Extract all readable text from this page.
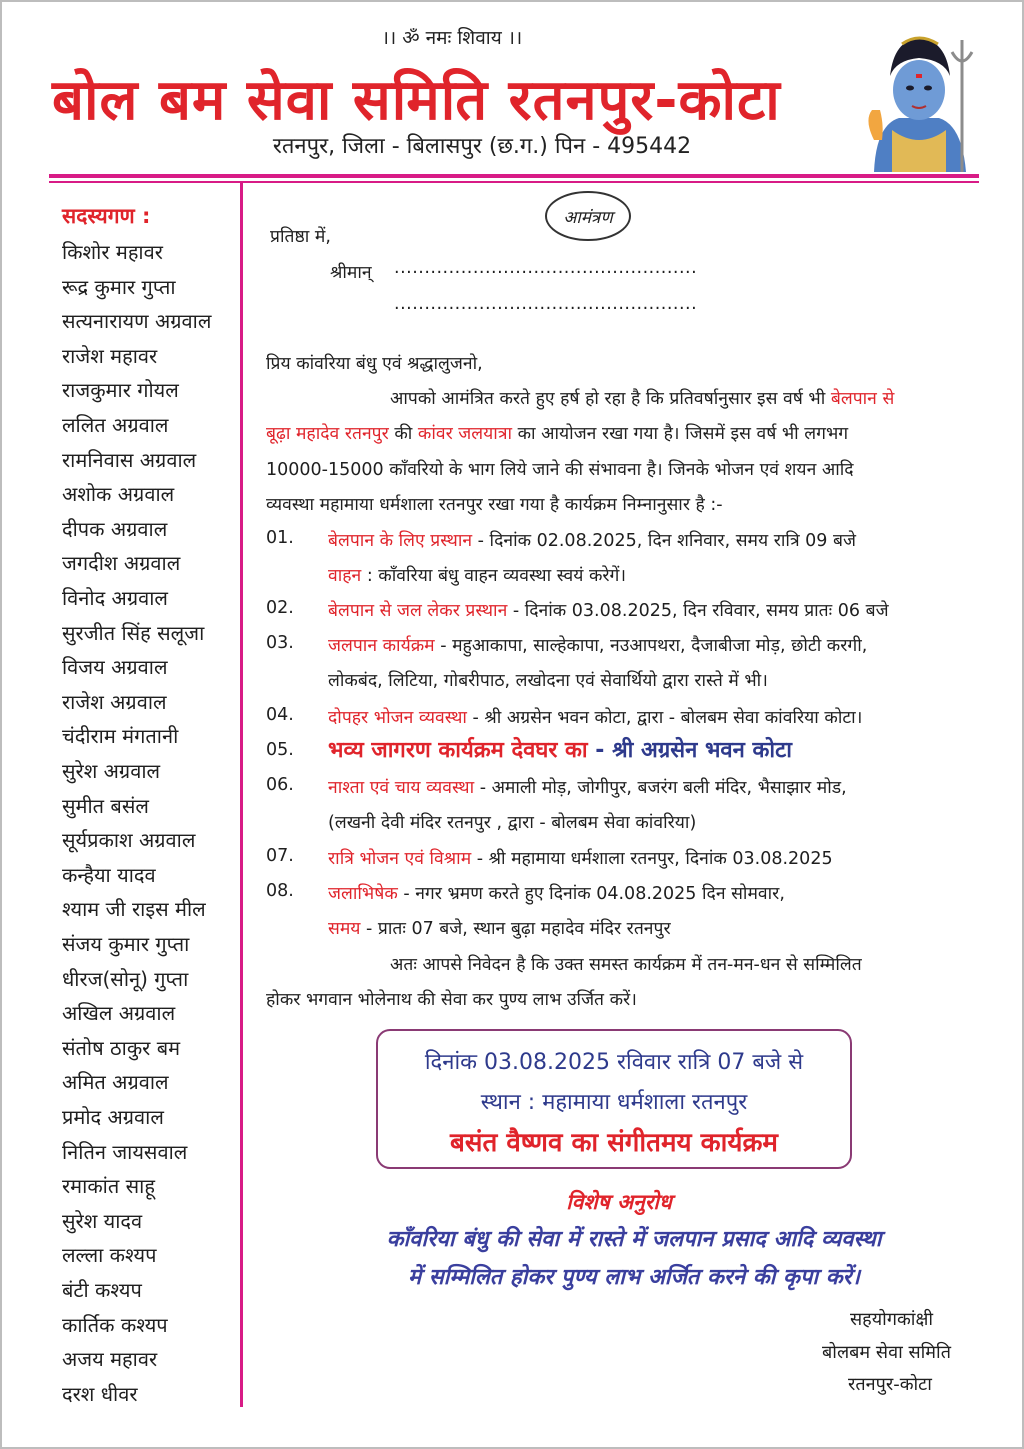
।। ॐ नमः शिवाय ।।
बोल बम सेवा समिति रतनपुर-कोटा
रतनपुर, जिला - बिलासपुर (छ.ग.) पिन - 495442
सदस्यगण :
किशोर महावर
रूद्र कुमार गुप्ता
सत्यनारायण अग्रवाल
राजेश महावर
राजकुमार गोयल
ललित अग्रवाल
रामनिवास अग्रवाल
अशोक अग्रवाल
दीपक अग्रवाल
जगदीश अग्रवाल
विनोद अग्रवाल
सुरजीत सिंह सलूजा
विजय अग्रवाल
राजेश अग्रवाल
चंदीराम मंगतानी
सुरेश अग्रवाल
सुमीत बसंल
सूर्यप्रकाश अग्रवाल
कन्हैया यादव
श्याम जी राइस मील
संजय कुमार गुप्ता
धीरज(सोनू) गुप्ता
अखिल अग्रवाल
संतोष ठाकुर बम
अमित अग्रवाल
प्रमोद अग्रवाल
नितिन जायसवाल
रमाकांत साहू
सुरेश यादव
लल्ला कश्यप
बंटी कश्यप
कार्तिक कश्यप
अजय महावर
दरश धीवर
आमंत्रण
प्रतिष्ठा में,
श्रीमान् ..................................................
..................................................
प्रिय कांवरिया बंधु एवं श्रद्धालुजनो,
आपको आमंत्रित करते हुए हर्ष हो रहा है कि प्रतिवर्षानुसार इस वर्ष भी बेलपान से
बूढ़ा महादेव रतनपुर की कांवर जलयात्रा का आयोजन रखा गया है। जिसमें इस वर्ष भी लगभग
10000-15000 काँवरियो के भाग लिये जाने की संभावना है। जिनके भोजन एवं शयन आदि
व्यवस्था महामाया धर्मशाला रतनपुर रखा गया है कार्यक्रम निम्नानुसार है :-
01. बेलपान के लिए प्रस्थान - दिनांक 02.08.2025, दिन शनिवार, समय रात्रि 09 बजे
वाहन : काँवरिया बंधु वाहन व्यवस्था स्वयं करेगें।
02. बेलपान से जल लेकर प्रस्थान - दिनांक 03.08.2025, दिन रविवार, समय प्रातः 06 बजे
03. जलपान कार्यक्रम - महुआकापा, साल्हेकापा, नउआपथरा, दैजाबीजा मोड़, छोटी करगी,
लोकबंद, लिटिया, गोबरीपाठ, लखोदना एवं सेवार्थियो द्वारा रास्ते में भी।
04. दोपहर भोजन व्यवस्था - श्री अग्रसेन भवन कोटा, द्वारा - बोलबम सेवा कांवरिया कोटा।
05. भव्य जागरण कार्यक्रम देवघर का - श्री अग्रसेन भवन कोटा
06. नाश्ता एवं चाय व्यवस्था - अमाली मोड़, जोगीपुर, बजरंग बली मंदिर, भैसाझार मोड,
(लखनी देवी मंदिर रतनपुर , द्वारा - बोलबम सेवा कांवरिया)
07. रात्रि भोजन एवं विश्राम - श्री महामाया धर्मशाला रतनपुर, दिनांक 03.08.2025
08. जलाभिषेक - नगर भ्रमण करते हुए दिनांक 04.08.2025 दिन सोमवार,
समय - प्रातः 07 बजे, स्थान बुढ़ा महादेव मंदिर रतनपुर
अतः आपसे निवेदन है कि उक्त समस्त कार्यक्रम में तन-मन-धन से सम्मिलित
होकर भगवान भोलेनाथ की सेवा कर पुण्य लाभ उर्जित करें।
दिनांक 03.08.2025 रविवार रात्रि 07 बजे से
स्थान : महामाया धर्मशाला रतनपुर
बसंत वैष्णव का संगीतमय कार्यक्रम
विशेष अनुरोध
काँवरिया बंधु की सेवा में रास्ते में जलपान प्रसाद आदि व्यवस्था
में सम्मिलित होकर पुण्य लाभ अर्जित करने की कृपा करें।
सहयोगकांक्षी
बोलबम सेवा समिति
रतनपुर-कोटा
